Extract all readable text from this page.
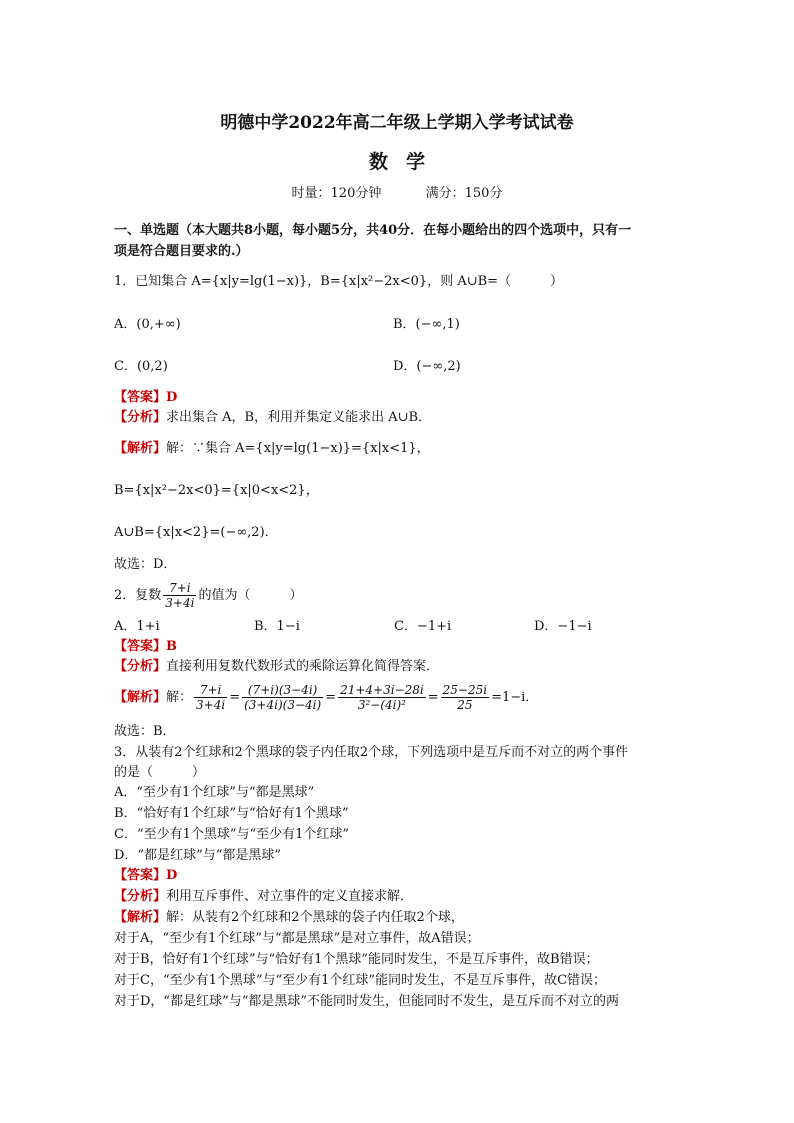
明德中学2022年高二年级上学期入学考试试卷
数学
时量：120分钟	满分：150分
一、单选题（本大题共8小题，每小题5分，共40分．在每小题给出的四个选项中，只有一
项是符合题目要求的.）
1．已知集合 A={x|y=lg(1−x)}，B={x|x²−2x<0}，则 A∪B=（　　　）
A．(0,+∞)	B．(−∞,1)
C．(0,2)	D．(−∞,2)
【答案】D
【分析】求出集合 A，B，利用并集定义能求出 A∪B．
【解析】解：∵集合 A={x|y=lg(1−x)}={x|x<1}，
B={x|x²−2x<0}={x|0<x<2}，
A∪B={x|x<2}=(−∞,2)．
故选：D．
2．复数 $\frac{7+i}{3+4i}$ 的值为（　　　）
A．1+i	B．1−i	C．−1+i	D．−1−i
【答案】B
【分析】直接利用复数代数形式的乘除运算化简得答案．
【解析】解： $\frac{7+i}{3+4i} = \frac{(7+i)(3-4i)}{(3+4i)(3-4i)} = \frac{21+4+3i-28i}{\text{3²−(4i)²}} = \frac{25-25i}{25} =1-i$．
故选：B．
3．从装有2个红球和2个黑球的袋子内任取2个球，下列选项中是互斥而不对立的两个事件
的是（　　　）
A．“至少有1个红球”与“都是黑球”
B．“恰好有1个红球”与“恰好有1个黑球”
C．“至少有1个黑球”与“至少有1个红球”
D．“都是红球”与“都是黑球”
【答案】D
【分析】利用互斥事件、对立事件的定义直接求解．
【解析】解：从装有2个红球和2个黑球的袋子内任取2个球，
对于A，“至少有1个红球”与“都是黑球”是对立事件，故A错误；
对于B，恰好有1个红球”与“恰好有1个黑球”能同时发生，不是互斥事件，故B错误；
对于C，“至少有1个黑球”与“至少有1个红球”能同时发生，不是互斥事件，故C错误；
对于D，“都是红球”与“都是黑球”不能同时发生，但能同时不发生，是互斥而不对立的两
